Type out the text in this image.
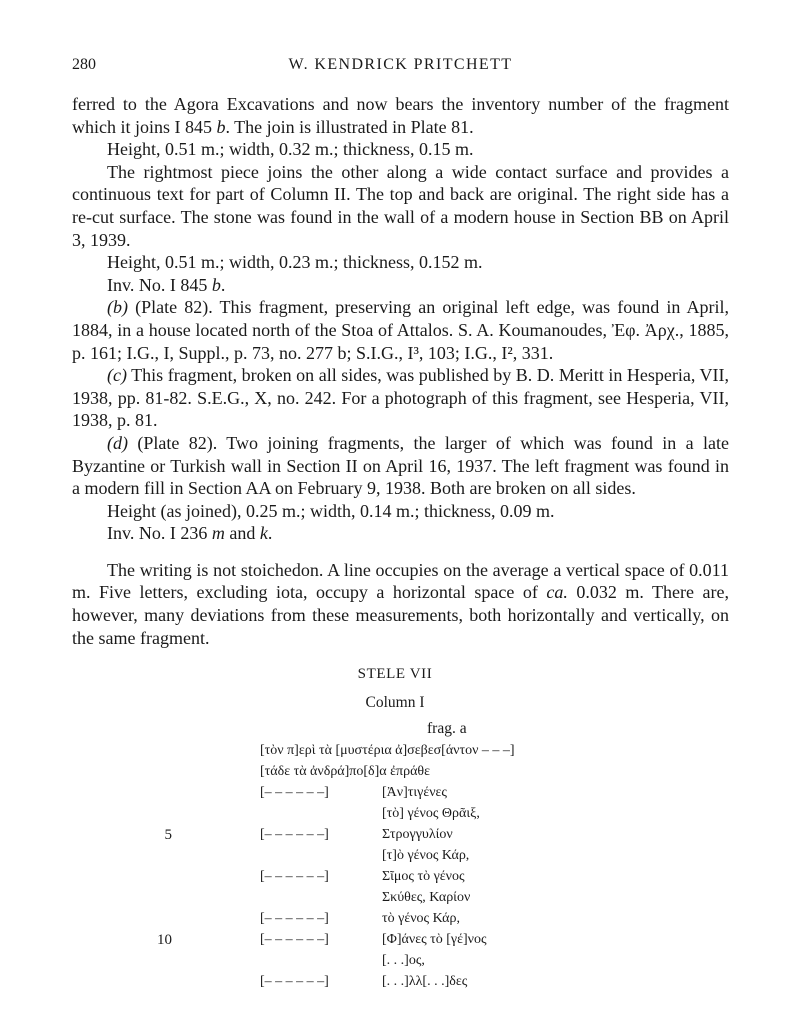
280	W. KENDRICK PRITCHETT

ferred to the Agora Excavations and now bears the inventory number of the fragment which it joins I 845 b. The join is illustrated in Plate 81.

Height, 0.51 m.; width, 0.32 m.; thickness, 0.15 m.

The rightmost piece joins the other along a wide contact surface and provides a continuous text for part of Column II. The top and back are original. The right side has a re-cut surface. The stone was found in the wall of a modern house in Section BB on April 3, 1939.

Height, 0.51 m.; width, 0.23 m.; thickness, 0.152 m.

Inv. No. I 845 b.

(b) (Plate 82). This fragment, preserving an original left edge, was found in April, 1884, in a house located north of the Stoa of Attalos. S. A. Koumanoudes, Ἐφ. Ἀρχ., 1885, p. 161; I.G., I, Suppl., p. 73, no. 277 b; S.I.G., I³, 103; I.G., I², 331.

(c) This fragment, broken on all sides, was published by B. D. Meritt in Hesperia, VII, 1938, pp. 81-82. S.E.G., X, no. 242. For a photograph of this fragment, see Hesperia, VII, 1938, p. 81.

(d) (Plate 82). Two joining fragments, the larger of which was found in a late Byzantine or Turkish wall in Section II on April 16, 1937. The left fragment was found in a modern fill in Section AA on February 9, 1938. Both are broken on all sides.

Height (as joined), 0.25 m.; width, 0.14 m.; thickness, 0.09 m.

Inv. No. I 236 m and k.

The writing is not stoichedon. A line occupies on the average a vertical space of 0.011 m. Five letters, excluding iota, occupy a horizontal space of ca. 0.032 m. There are, however, many deviations from these measurements, both horizontally and vertically, on the same fragment.

STELE VII
Column I
frag. a
[τὸν π]ερὶ τὰ [μυστέρια ἀ]σεβεσ[άντον – – –]
[τάδε τὰ ἀνδρά]πο[δ]α ἐπράθε
[– – – – – –]	[Ἀν]τιγένες
[τὸ] γένος Θρᾶιξ,
5	[– – – – – –]	Στρογγυλίον
[τ]ὸ γένος Κάρ,
[– – – – – –]	Σῖμος τὸ γένος
Σκύθες, Καρίον
[– – – – – –]	τὸ γένος Κάρ,
10	[– – – – – –]	[Φ]άνες τὸ [γέ]νος
[. . .]ος,
[– – – – – –]	[. . .]λλ[. . .]δες
